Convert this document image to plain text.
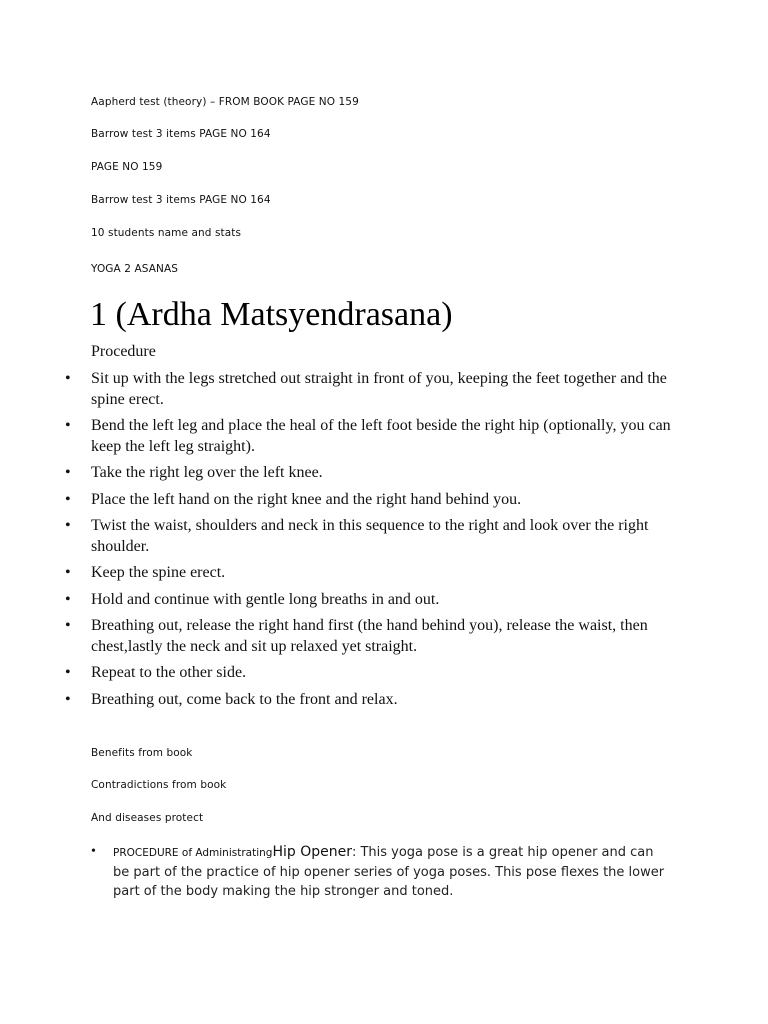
Aapherd test (theory) – FROM BOOK PAGE NO 159
Barrow test 3 items PAGE NO 164
PAGE NO 159
Barrow test 3 items PAGE NO 164
10 students name and stats
YOGA 2 ASANAS
1 (Ardha Matsyendrasana)
Procedure
• Sit up with the legs stretched out straight in front of you, keeping the feet together and the spine erect.
• Bend the left leg and place the heal of the left foot beside the right hip (optionally, you can keep the left leg straight).
• Take the right leg over the left knee.
• Place the left hand on the right knee and the right hand behind you.
• Twist the waist, shoulders and neck in this sequence to the right and look over the right shoulder.
• Keep the spine erect.
• Hold and continue with gentle long breaths in and out.
• Breathing out, release the right hand first (the hand behind you), release the waist, then chest,lastly the neck and sit up relaxed yet straight.
• Repeat to the other side.
• Breathing out, come back to the front and relax.
Benefits from book
Contradictions from book
And diseases protect
• PROCEDURE of AdministratingHip Opener: This yoga pose is a great hip opener and can be part of the practice of hip opener series of yoga poses. This pose flexes the lower part of the body making the hip stronger and toned.
